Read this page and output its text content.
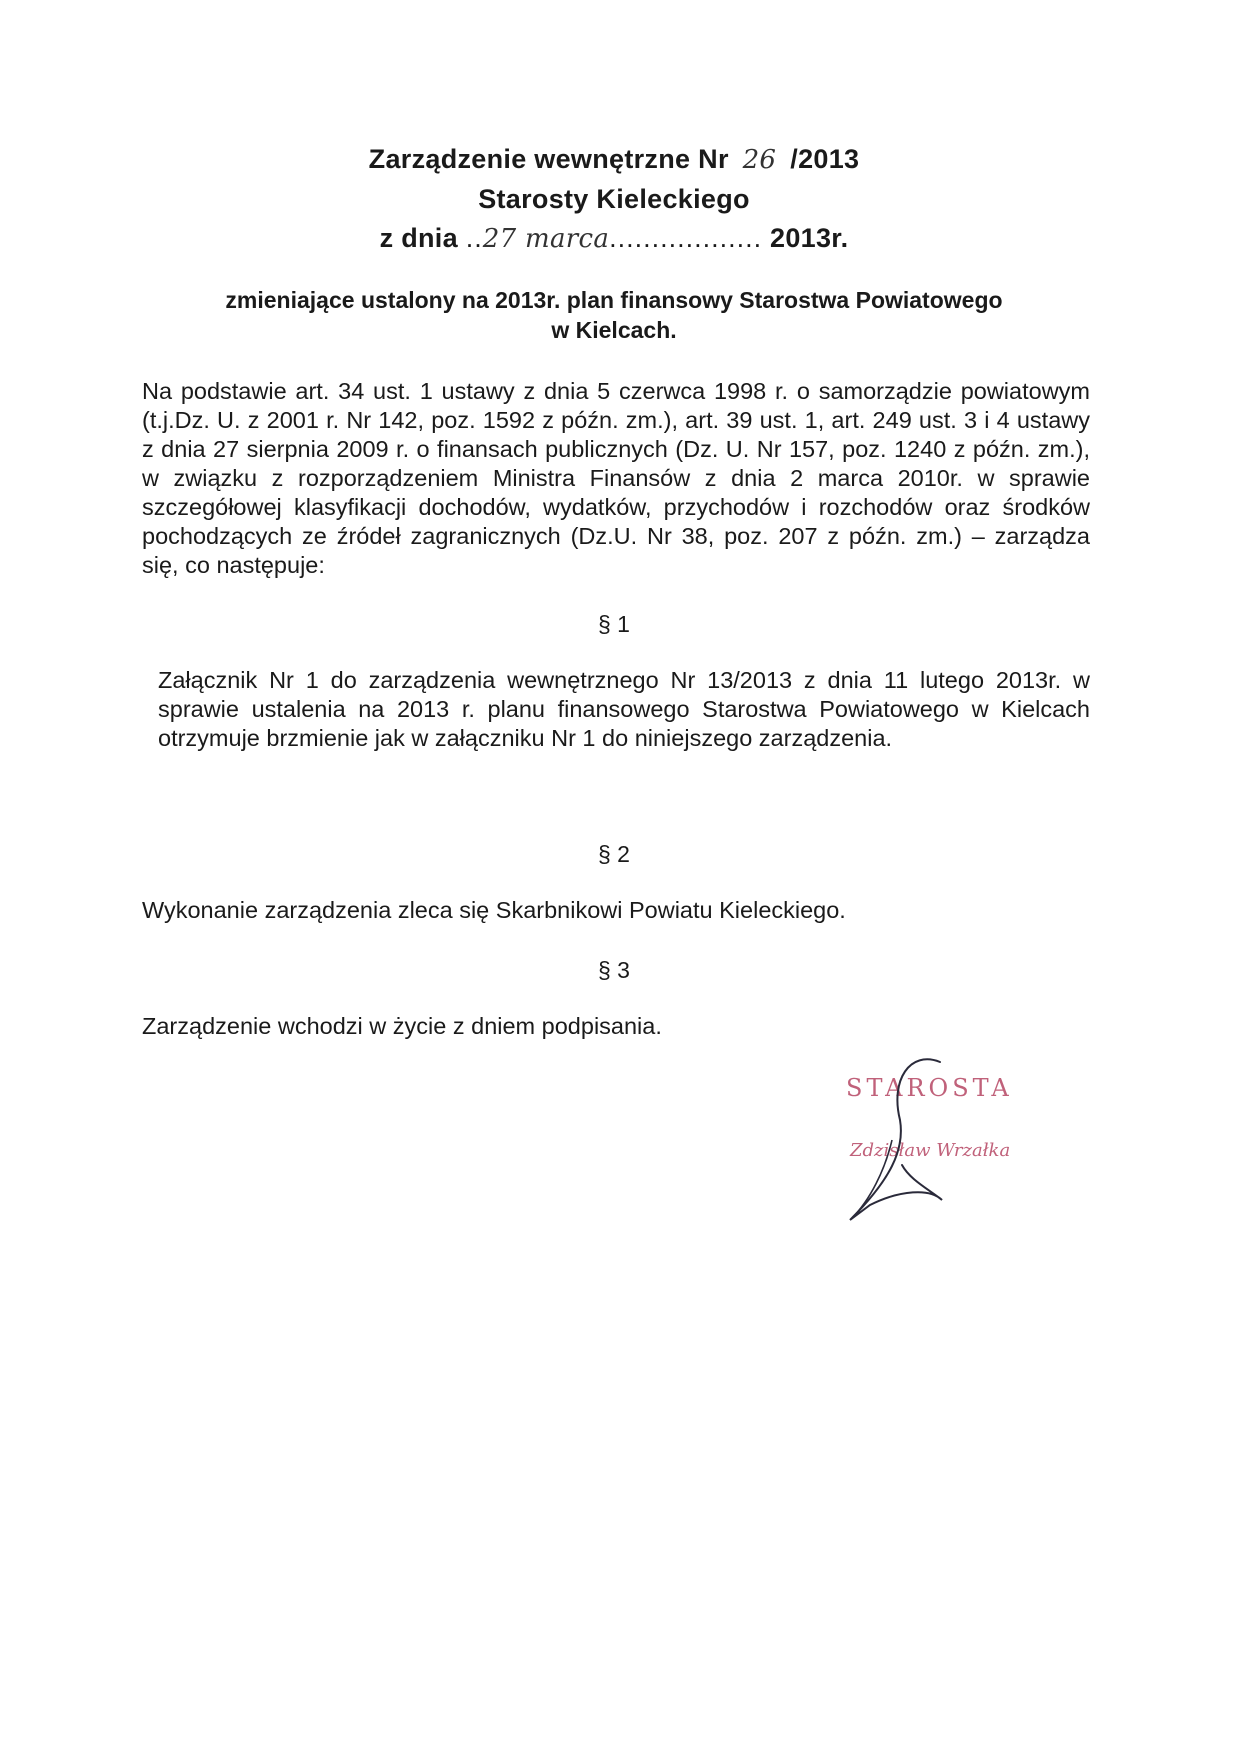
Zarządzenie wewnętrzne Nr 26 /2013
Starosty Kieleckiego
z dnia ..27 marca.................. 2013r.
zmieniające ustalony na 2013r. plan finansowy Starostwa Powiatowego
w Kielcach.
Na podstawie art. 34 ust. 1 ustawy z dnia 5 czerwca 1998 r. o samorządzie powiatowym (t.j.Dz. U. z 2001 r. Nr 142, poz. 1592 z późn. zm.), art. 39 ust. 1, art. 249 ust. 3 i 4 ustawy z dnia 27 sierpnia 2009 r. o finansach publicznych (Dz. U. Nr 157, poz. 1240 z późn. zm.), w związku z rozporządzeniem Ministra Finansów z dnia 2 marca 2010r. w sprawie szczegółowej klasyfikacji dochodów, wydatków, przychodów i rozchodów oraz środków pochodzących ze źródeł zagranicznych (Dz.U. Nr 38, poz. 207 z późn. zm.) – zarządza się, co następuje:
§ 1
Załącznik Nr 1 do zarządzenia wewnętrznego Nr 13/2013 z dnia 11 lutego 2013r. w sprawie ustalenia na 2013 r. planu finansowego Starostwa Powiatowego w Kielcach otrzymuje brzmienie jak w załączniku Nr 1 do niniejszego zarządzenia.
§ 2
Wykonanie zarządzenia zleca się Skarbnikowi Powiatu Kieleckiego.
§ 3
Zarządzenie wchodzi w życie z dniem podpisania.
STAROSTA
Zdzisław Wrzałka
